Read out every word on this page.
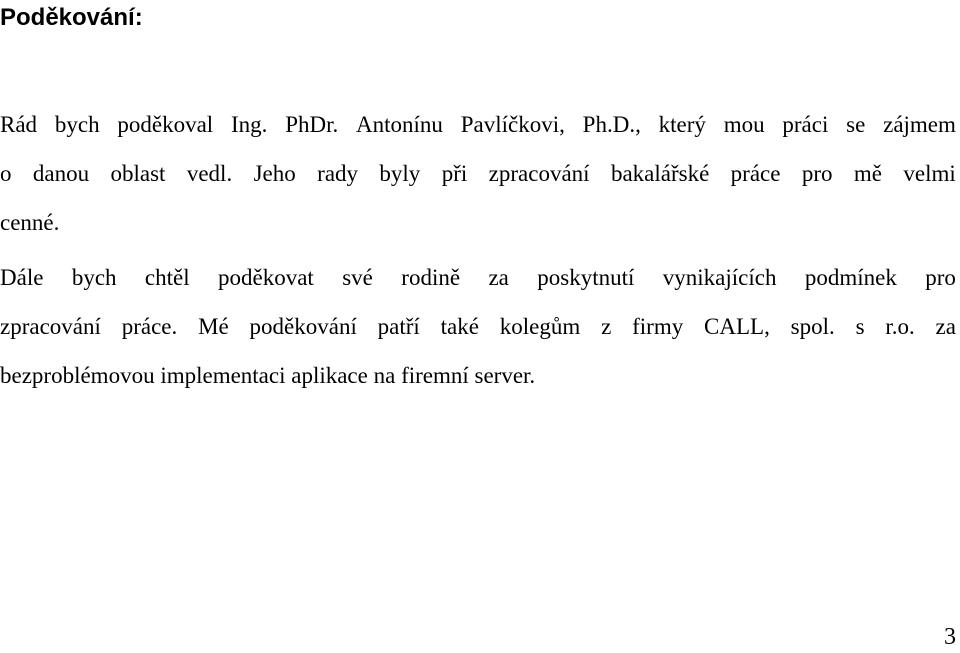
Poděkování:
Rád bych poděkoval Ing. PhDr. Antonínu Pavlíčkovi, Ph.D., který mou práci se zájmem
o danou oblast vedl. Jeho rady byly při zpracování bakalářské práce pro mě velmi
cenné.
Dále bych chtěl poděkovat své rodině za poskytnutí vynikajících podmínek pro
zpracování práce. Mé poděkování patří také kolegům z firmy CALL, spol. s r.o. za
bezproblémovou implementaci aplikace na firemní server.
3
